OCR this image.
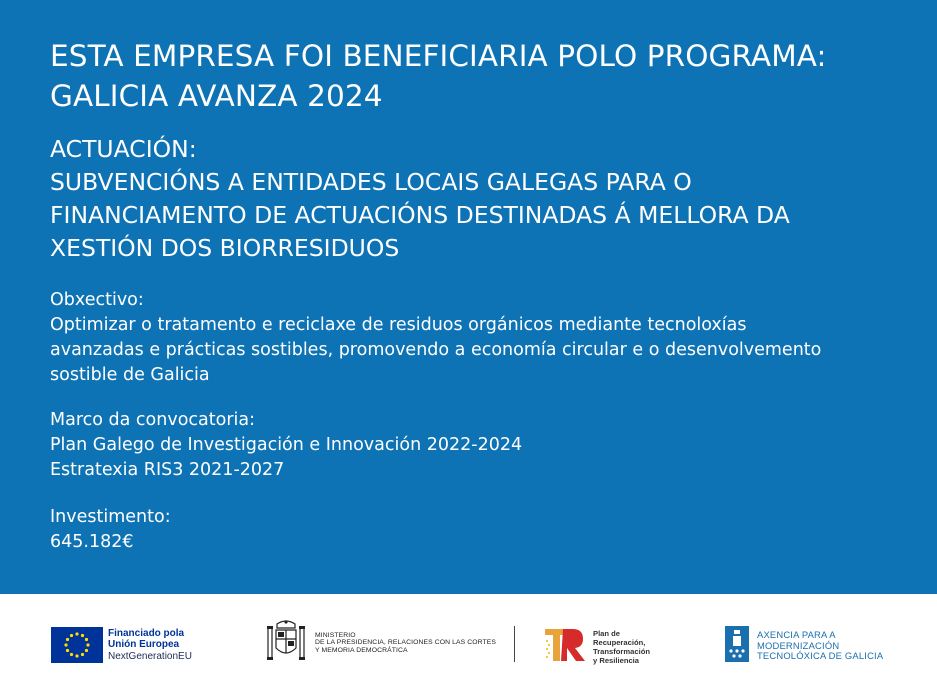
ESTA EMPRESA FOI BENEFICIARIA POLO PROGRAMA:
GALICIA AVANZA 2024
ACTUACIÓN:
SUBVENCIÓNS A ENTIDADES LOCAIS GALEGAS PARA O
FINANCIAMENTO DE ACTUACIÓNS DESTINADAS Á MELLORA DA
XESTIÓN DOS BIORRESIDUOS
Obxectivo:
Optimizar o tratamento e reciclaxe de residuos orgánicos mediante tecnoloxías
avanzadas e prácticas sostibles, promovendo a economía circular e o desenvolvemento
sostible de Galicia
Marco da convocatoria:
Plan Galego de Investigación e Innovación 2022-2024
Estratexia RIS3 2021-2027
Investimento:
645.182€
Financiado pola
Unión Europea
NextGenerationEU
MINISTERIO
DE LA PRESIDENCIA, RELACIONES CON LAS CORTES
Y MEMORIA DEMOCRÁTICA
Plan de
Recuperación,
Transformación
y Resiliencia
AXENCIA PARA A
MODERNIZACIÓN
TECNOLÓXICA DE GALICIA
